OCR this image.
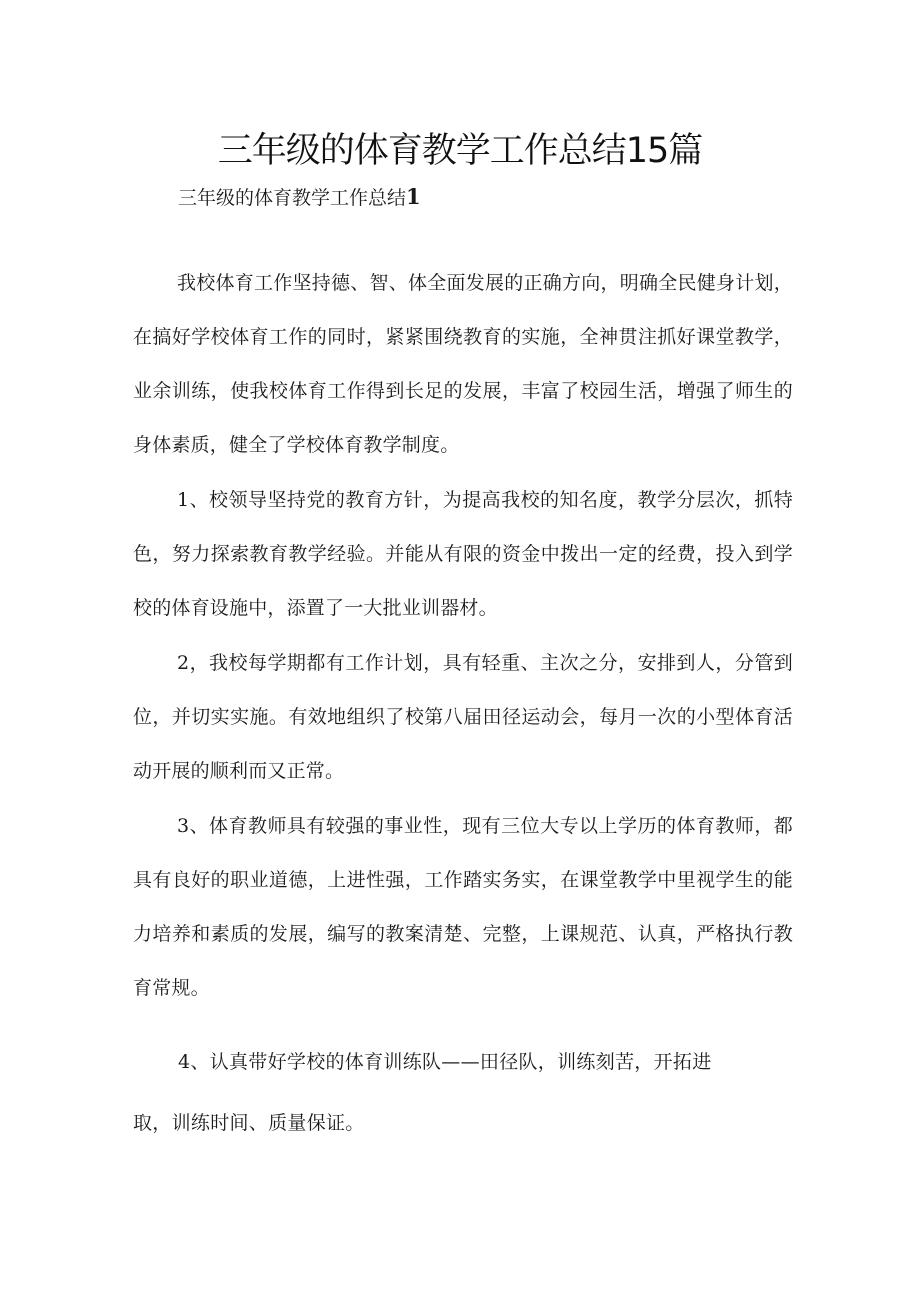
三年级的体育教学工作总结15篇
三年级的体育教学工作总结1
我校体育工作坚持德、智、体全面发展的正确方向，明确全民健身计划，在搞好学校体育工作的同时，紧紧围绕教育的实施，全神贯注抓好课堂教学，业余训练，使我校体育工作得到长足的发展，丰富了校园生活，增强了师生的身体素质，健全了学校体育教学制度。
1、校领导坚持党的教育方针，为提高我校的知名度，教学分层次，抓特色，努力探索教育教学经验。并能从有限的资金中拨出一定的经费，投入到学校的体育设施中，添置了一大批业训器材。
2，我校每学期都有工作计划，具有轻重、主次之分，安排到人，分管到位，并切实实施。有效地组织了校第八届田径运动会，每月一次的小型体育活动开展的顺利而又正常。
3、体育教师具有较强的事业性，现有三位大专以上学历的体育教师，都具有良好的职业道德，上进性强，工作踏实务实，在课堂教学中里视学生的能力培养和素质的发展，编写的教案清楚、完整，上课规范、认真，严格执行教育常规。
4、认真带好学校的体育训练队——田径队，训练刻苦，开拓进
取，训练时间、质量保证。
